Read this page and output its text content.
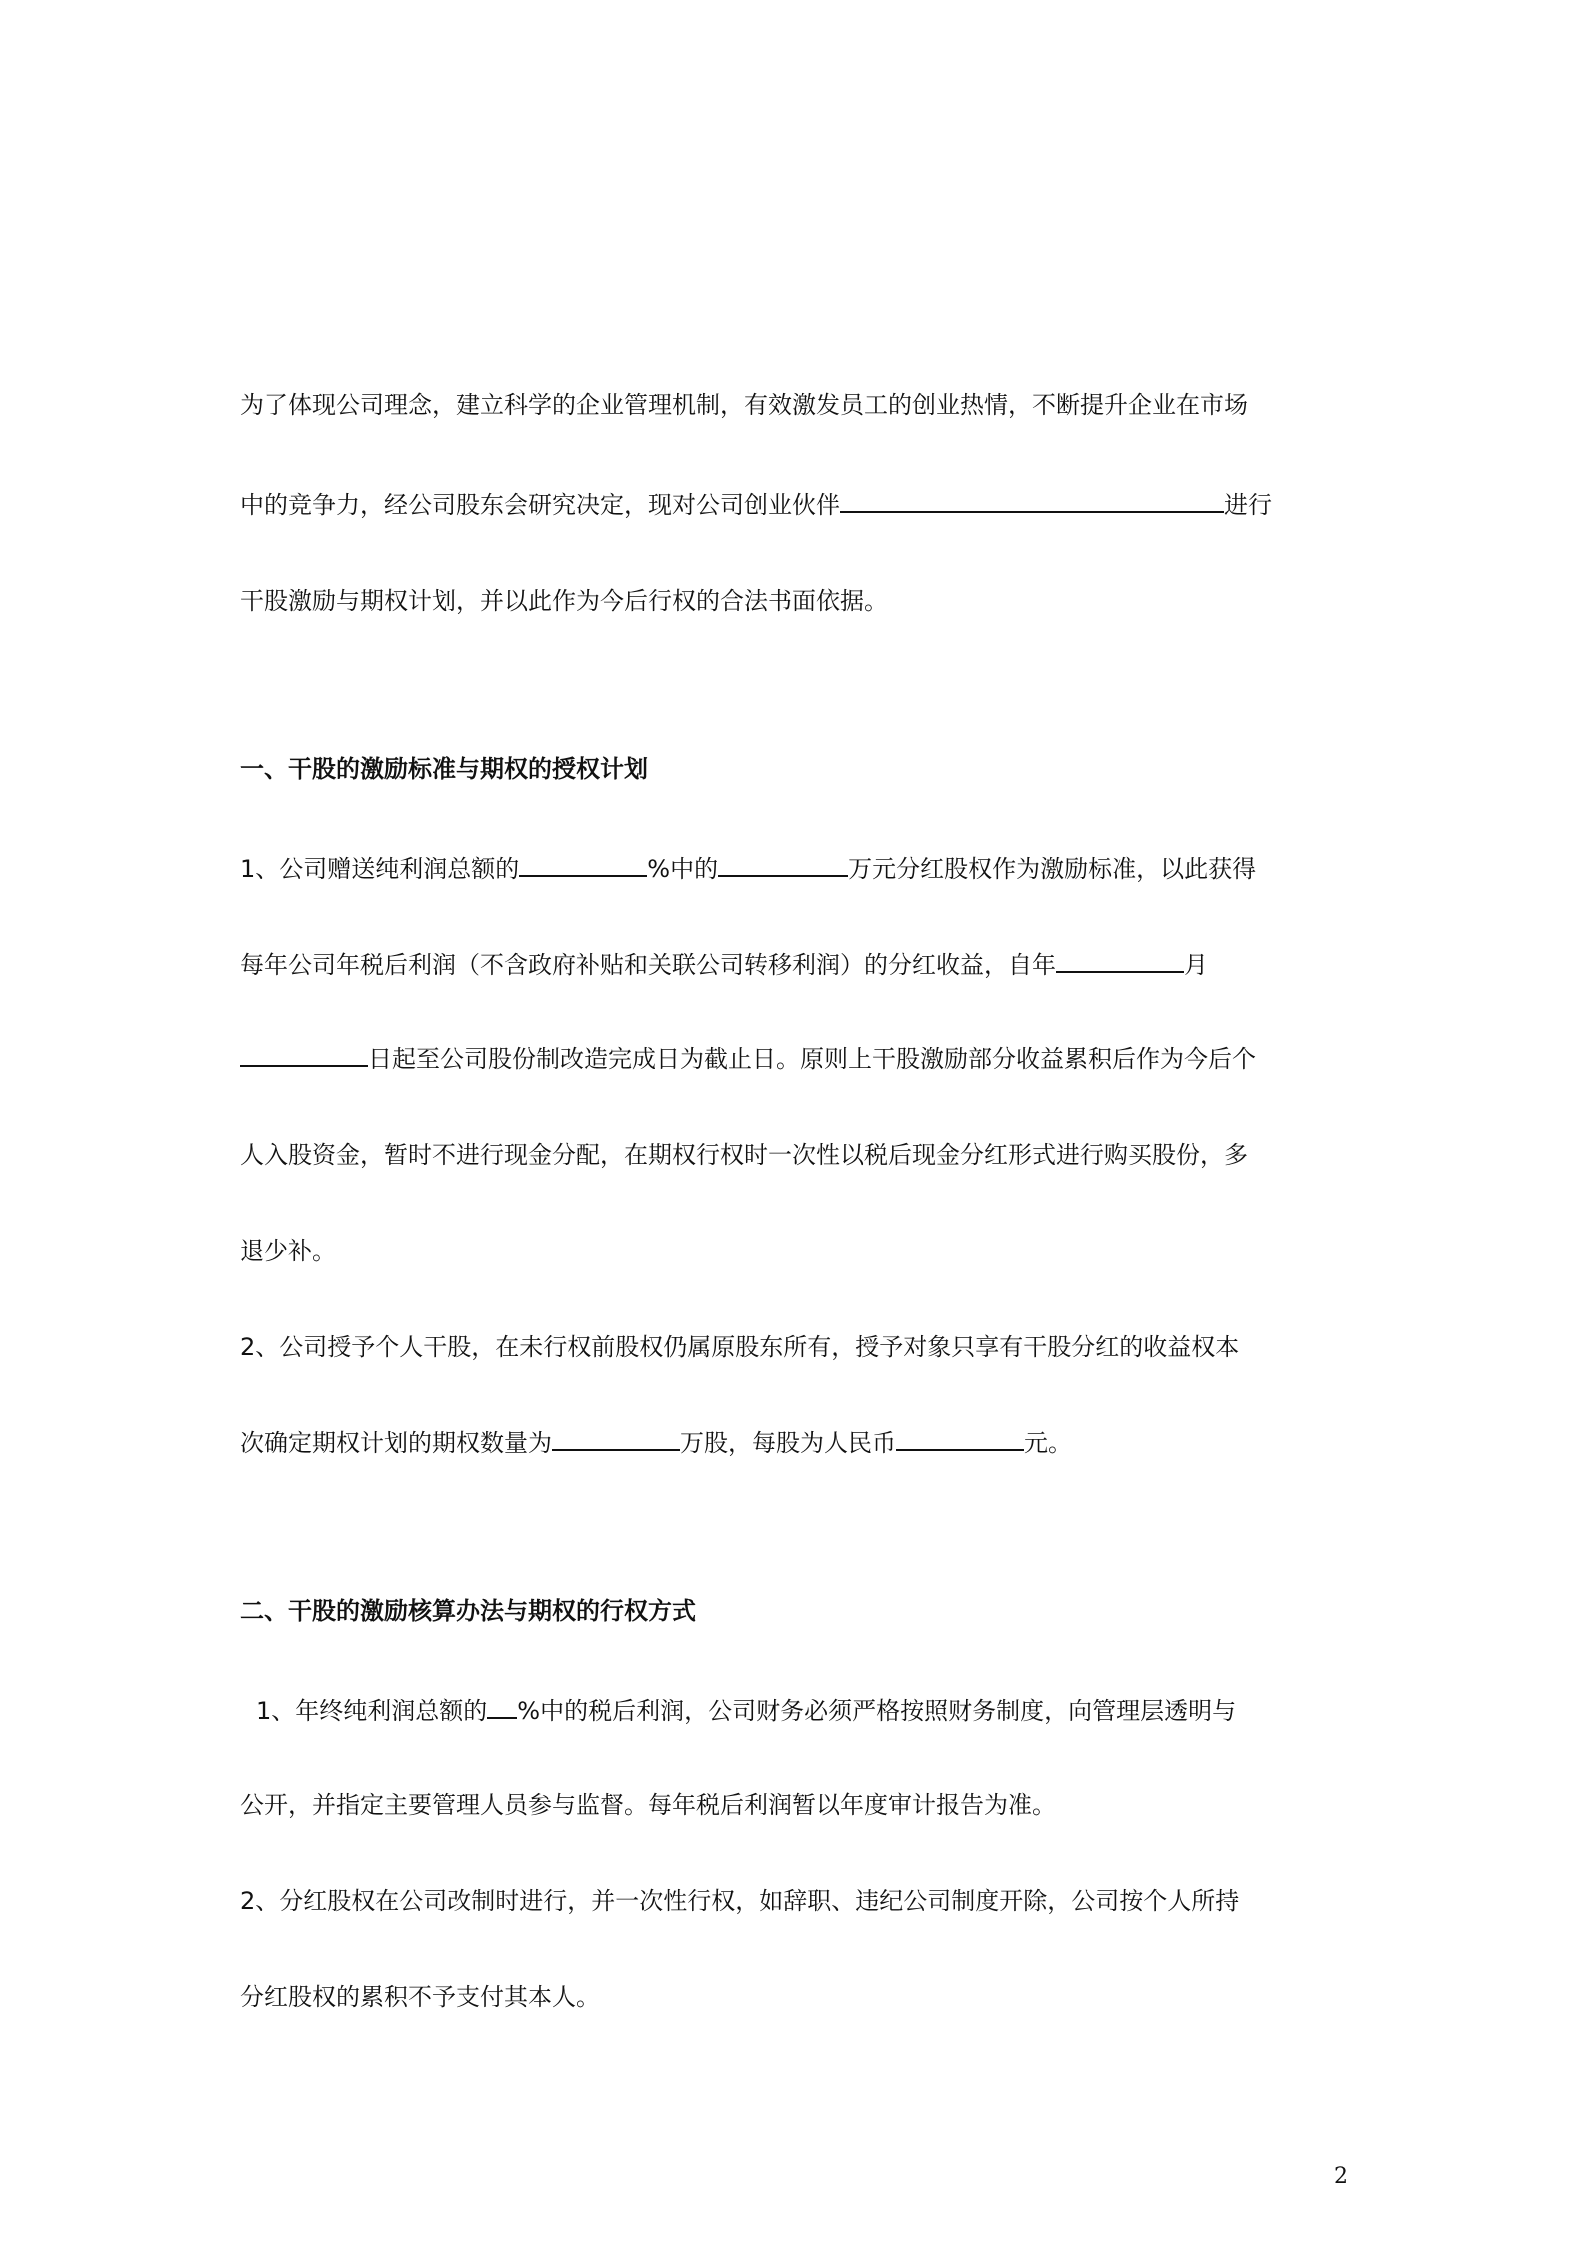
为了体现公司理念，建立科学的企业管理机制，有效激发员工的创业热情，不断提升企业在市场
中的竞争力，经公司股东会研究决定，现对公司创业伙伴	进行
干股激励与期权计划，并以此作为今后行权的合法书面依据。
一、干股的激励标准与期权的授权计划
1、公司赠送纯利润总额的	%中的	万元分红股权作为激励标准，以此获得
每年公司年税后利润（不含政府补贴和关联公司转移利润）的分红收益，自年	月
日起至公司股份制改造完成日为截止日。原则上干股激励部分收益累积后作为今后个
人入股资金，暂时不进行现金分配，在期权行权时一次性以税后现金分红形式进行购买股份，多
退少补。
2、公司授予个人干股，在未行权前股权仍属原股东所有，授予对象只享有干股分红的收益权本
次确定期权计划的期权数量为	万股，每股为人民币	元。
二、干股的激励核算办法与期权的行权方式
1、年终纯利润总额的 %中的税后利润，公司财务必须严格按照财务制度，向管理层透明与
公开，并指定主要管理人员参与监督。每年税后利润暂以年度审计报告为准。
2、分红股权在公司改制时进行，并一次性行权，如辞职、违纪公司制度开除，公司按个人所持
分红股权的累积不予支付其本人。
2
